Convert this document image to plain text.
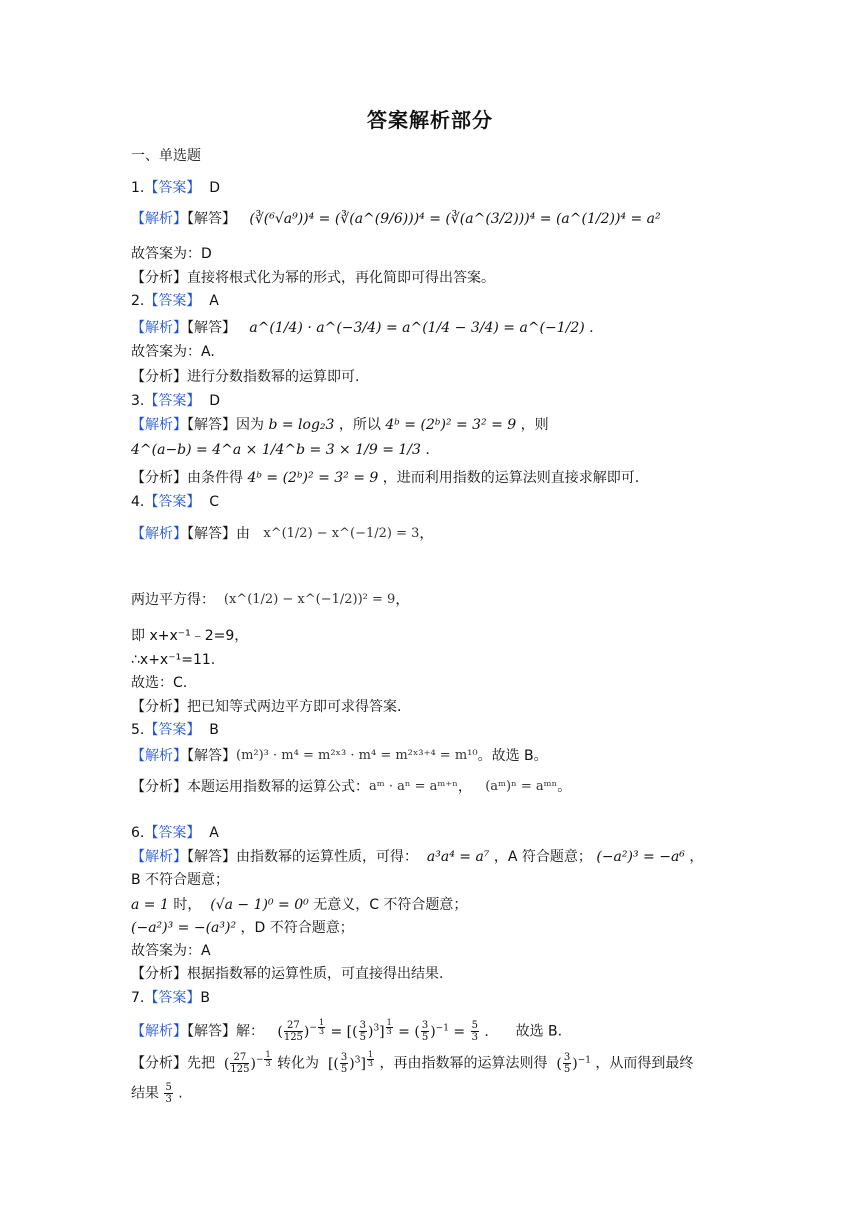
答案解析部分
一、单选题
1.【答案】 D
【解析】【解答】 (∛(⁶√a⁹))⁴ = (∛(a^(9/6)))⁴ = (∛(a^(3/2)))⁴ = (a^(1/2))⁴ = a²
故答案为：D
【分析】直接将根式化为幂的形式，再化简即可得出答案。
2.【答案】 A
【解析】【解答】 a^(1/4) · a^(−3/4) = a^(1/4 − 3/4) = a^(−1/2) .
故答案为：A.
【分析】进行分数指数幂的运算即可.
3.【答案】 D
【解析】【解答】因为 b = log₂3 ，所以 4ᵇ = (2ᵇ)² = 3² = 9 ，则
4^(a−b) = 4^a × 1/4^b = 3 × 1/9 = 1/3 .
【分析】由条件得 4ᵇ = (2ᵇ)² = 3² = 9 ，进而利用指数的运算法则直接求解即可.
4.【答案】 C
【解析】【解答】由 x^(1/2) − x^(−1/2) = 3，
两边平方得： (x^(1/2) − x^(−1/2))² = 9，
即 x+x⁻¹﹣2=9，
∴x+x⁻¹=11.
故选：C.
【分析】把已知等式两边平方即可求得答案.
5.【答案】 B
【解析】【解答】(m²)³ · m⁴ = m²ˣ³ · m⁴ = m²ˣ³⁺⁴ = m¹⁰。故选 B。
【分析】本题运用指数幂的运算公式：aᵐ · aⁿ = aᵐ⁺ⁿ，   (aᵐ)ⁿ = aᵐⁿ。
6.【答案】 A
【解析】【解答】由指数幂的运算性质，可得： a³a⁴ = a⁷ ，A 符合题意； (−a²)³ = −a⁶ ，
B 不符合题意；
a = 1 时， (√a − 1)⁰ = 0⁰ 无意义，C 不符合题意；
(−a²)³ = −(a³)² ，D 不符合题意；
故答案为：A
【分析】根据指数幂的运算性质，可直接得出结果.
7.【答案】B
【解析】【解答】解： ( $\frac{27}{125} )^{- \frac{1}{3}}$ = [( $\frac{3}{5} )^3$] $^{\frac{1}{3}}$ = ( $\frac{3}{5} )^{-1} = \frac{5}{3}$ . 故选 B.
【分析】先把 ( $\frac{27}{125} )^{- \frac{1}{3}}$ 转化为 [( $\frac{3}{5} )^3$] $^{\frac{1}{3}}$ ，再由指数幂的运算法则得 ( $\frac{3}{5} )^{-1}$ ，从而得到最终
结果 $\frac{5}{3}$ .
